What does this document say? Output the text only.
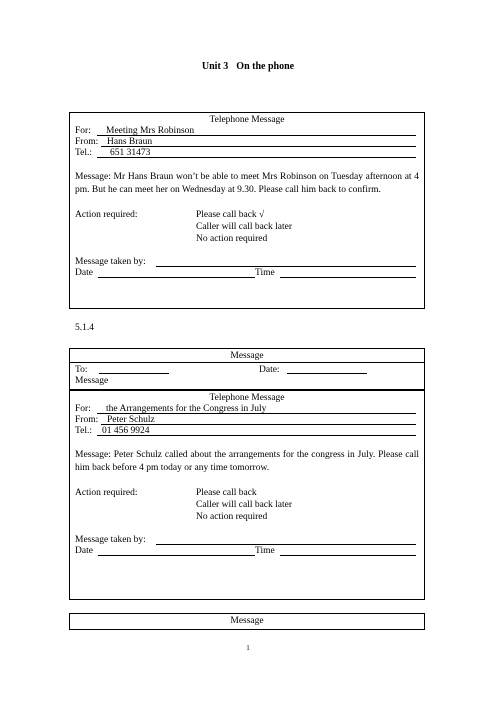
Unit 3 On the phone
Telephone Message
For: Meeting Mrs Robinson
From: Hans Braun
Tel.: 651 31473
Message: Mr Hans Braun won’t be able to meet Mrs Robinson on Tuesday afternoon at 4 pm. But he can meet her on Wednesday at 9.30. Please call him back to confirm.
Action required:	Please call back √
Caller will call back later
No action required
Message taken by:
Date	Time
5.1.4
Message
To:	Date:
Message
Telephone Message
For: the Arrangements for the Congress in July
From: Peter Schulz
Tel.: 01 456 9924
Message: Peter Schulz called about the arrangements for the congress in July. Please call him back before 4 pm today or any time tomorrow.
Action required:	Please call back
Caller will call back later
No action required
Message taken by:
Date	Time
Message
1
